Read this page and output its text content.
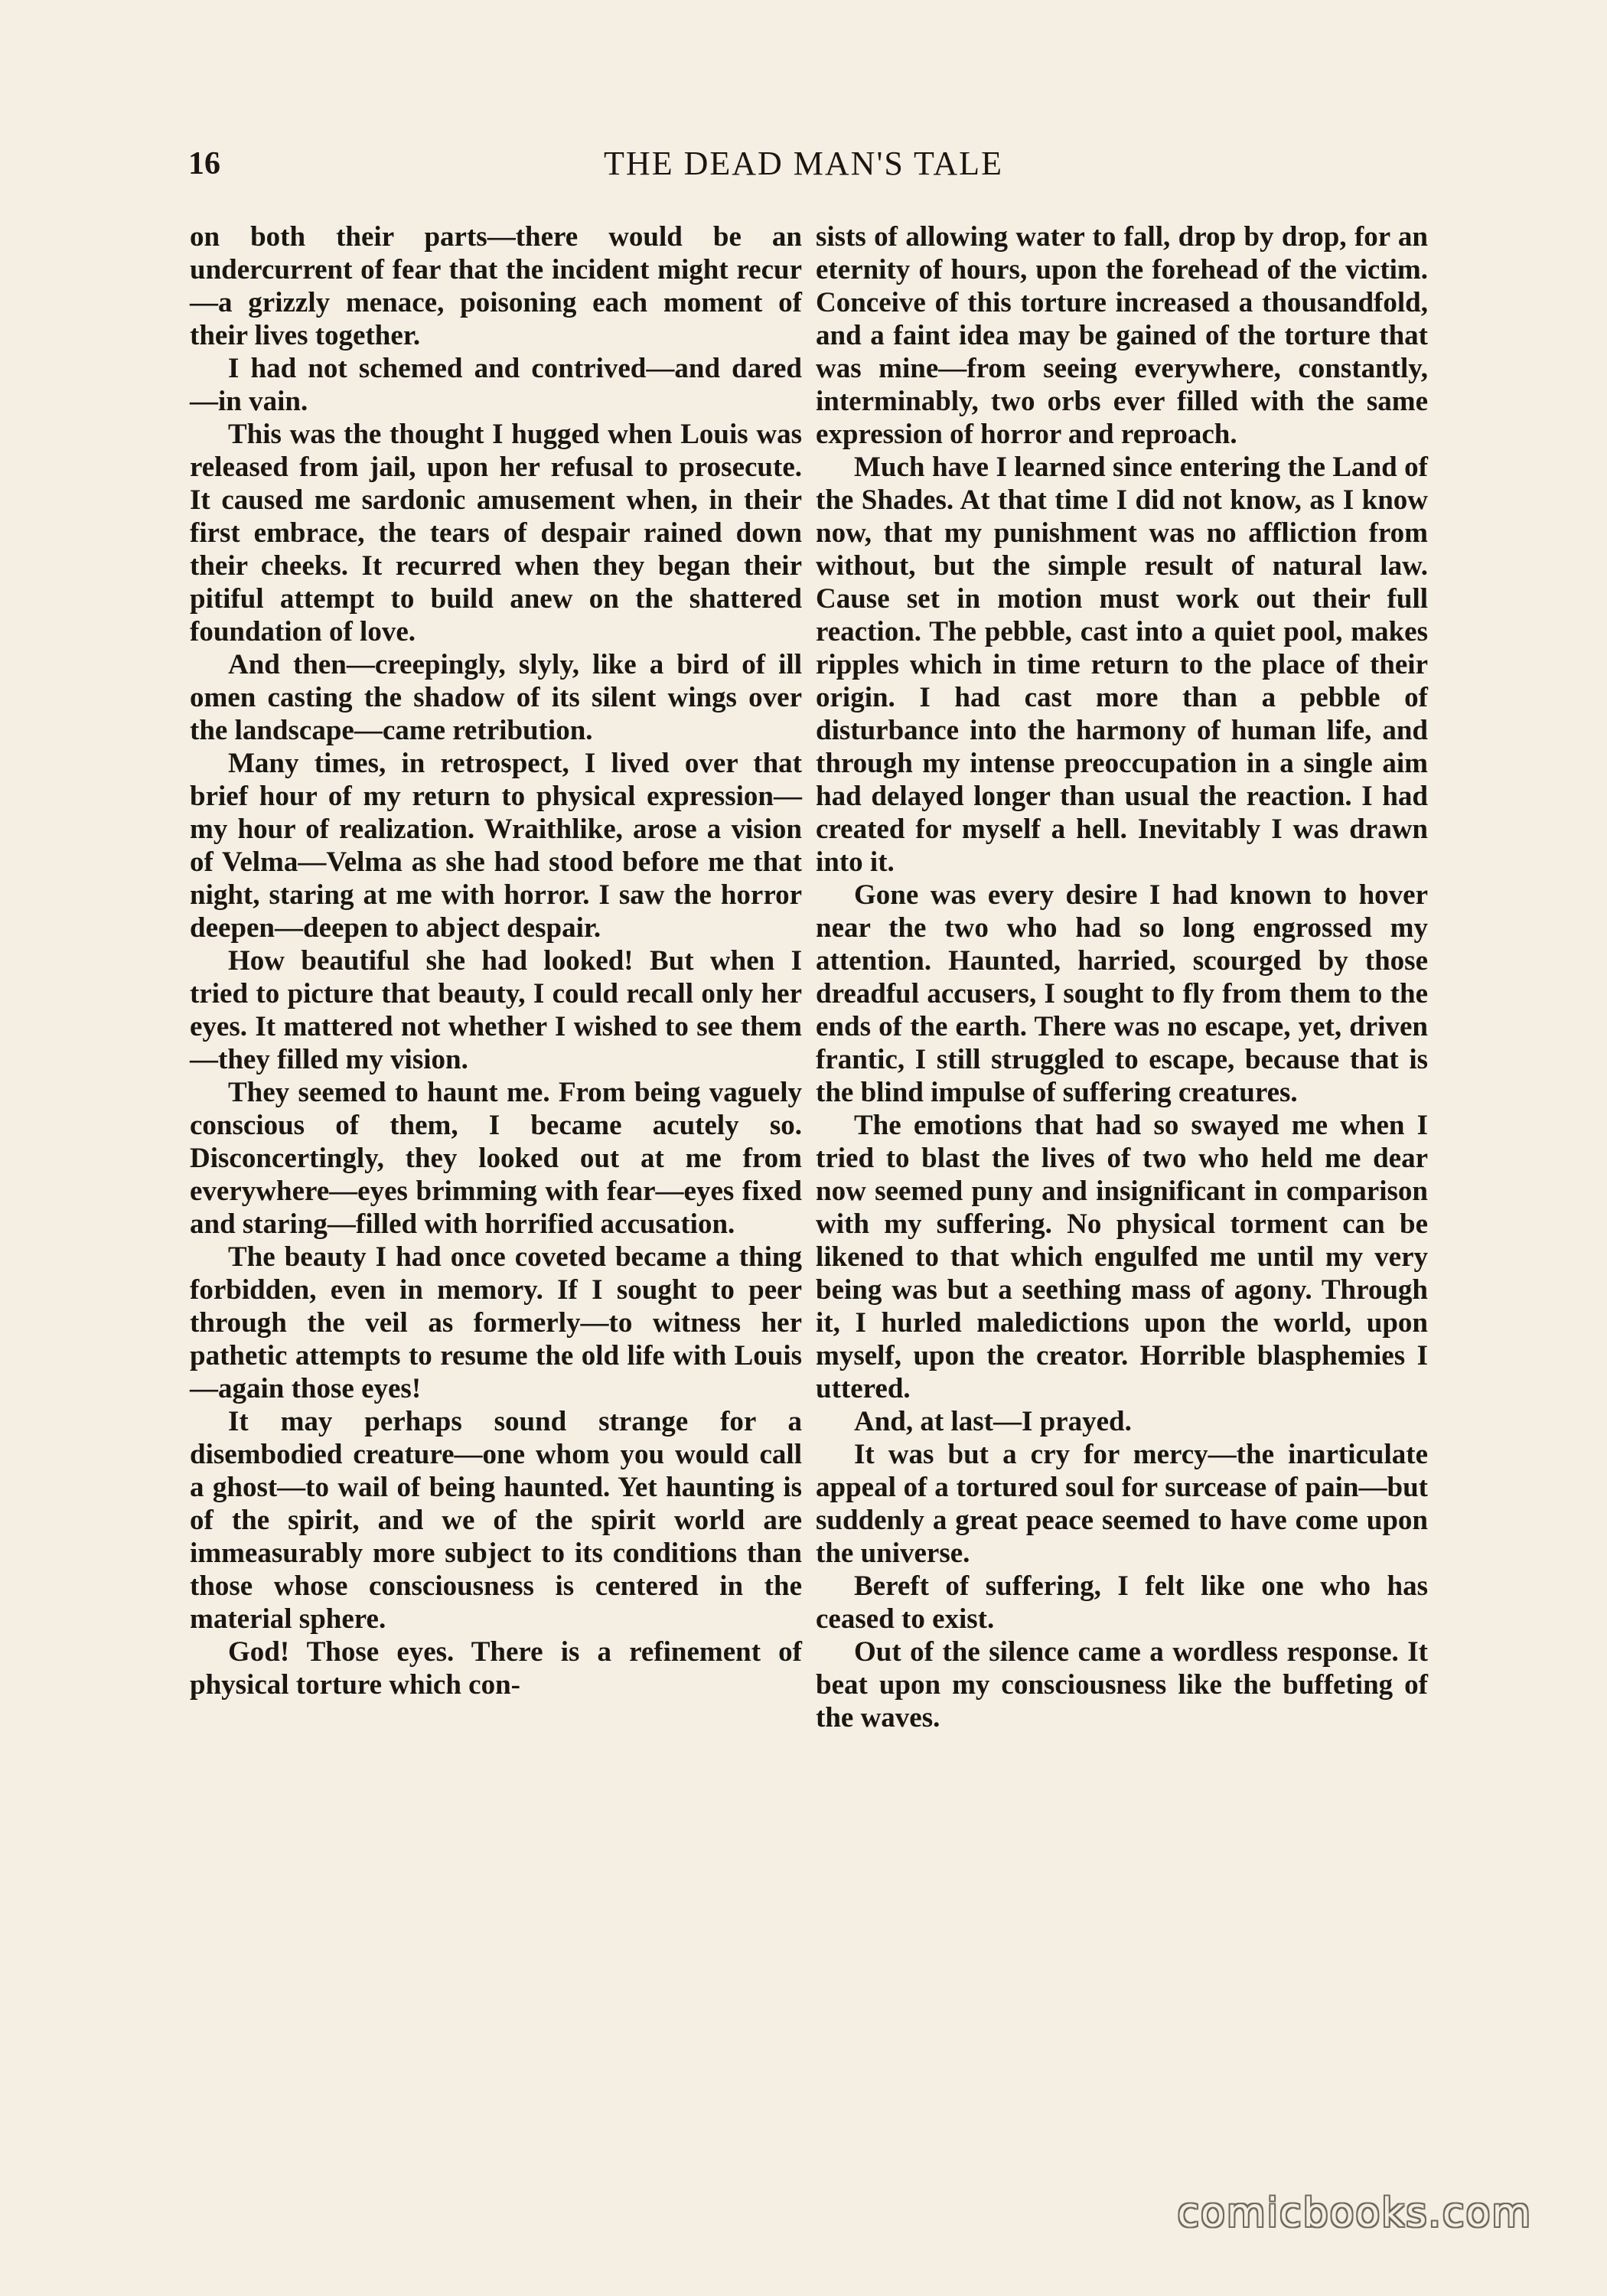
16	THE DEAD MAN'S TALE

on both their parts—there would be an undercurrent of fear that the incident might recur—a grizzly menace, poisoning each moment of their lives together.

I had not schemed and contrived—and dared—in vain.

This was the thought I hugged when Louis was released from jail, upon her refusal to prosecute. It caused me sardonic amusement when, in their first embrace, the tears of despair rained down their cheeks. It recurred when they began their pitiful attempt to build anew on the shattered foundation of love.

And then—creepingly, slyly, like a bird of ill omen casting the shadow of its silent wings over the landscape—came retribution.

Many times, in retrospect, I lived over that brief hour of my return to physical expression—my hour of realization. Wraithlike, arose a vision of Velma—Velma as she had stood before me that night, staring at me with horror. I saw the horror deepen—deepen to abject despair.

How beautiful she had looked! But when I tried to picture that beauty, I could recall only her eyes. It mattered not whether I wished to see them—they filled my vision.

They seemed to haunt me. From being vaguely conscious of them, I became acutely so. Disconcertingly, they looked out at me from everywhere—eyes brimming with fear—eyes fixed and staring—filled with horrified accusation.

The beauty I had once coveted became a thing forbidden, even in memory. If I sought to peer through the veil as formerly—to witness her pathetic attempts to resume the old life with Louis—again those eyes!

It may perhaps sound strange for a disembodied creature—one whom you would call a ghost—to wail of being haunted. Yet haunting is of the spirit, and we of the spirit world are immeasurably more subject to its conditions than those whose consciousness is centered in the material sphere.

God! Those eyes. There is a refinement of physical torture which con-

sists of allowing water to fall, drop by drop, for an eternity of hours, upon the forehead of the victim. Conceive of this torture increased a thousandfold, and a faint idea may be gained of the torture that was mine—from seeing everywhere, constantly, interminably, two orbs ever filled with the same expression of horror and reproach.

Much have I learned since entering the Land of the Shades. At that time I did not know, as I know now, that my punishment was no affliction from without, but the simple result of natural law. Cause set in motion must work out their full reaction. The pebble, cast into a quiet pool, makes ripples which in time return to the place of their origin. I had cast more than a pebble of disturbance into the harmony of human life, and through my intense preoccupation in a single aim had delayed longer than usual the reaction. I had created for myself a hell. Inevitably I was drawn into it.

Gone was every desire I had known to hover near the two who had so long engrossed my attention. Haunted, harried, scourged by those dreadful accusers, I sought to fly from them to the ends of the earth. There was no escape, yet, driven frantic, I still struggled to escape, because that is the blind impulse of suffering creatures.

The emotions that had so swayed me when I tried to blast the lives of two who held me dear now seemed puny and insignificant in comparison with my suffering. No physical torment can be likened to that which engulfed me until my very being was but a seething mass of agony. Through it, I hurled maledictions upon the world, upon myself, upon the creator. Horrible blasphemies I uttered.

And, at last—I prayed.

It was but a cry for mercy—the inarticulate appeal of a tortured soul for surcease of pain—but suddenly a great peace seemed to have come upon the universe.

Bereft of suffering, I felt like one who has ceased to exist.

Out of the silence came a wordless response. It beat upon my consciousness like the buffeting of the waves.

comicbooks.com
